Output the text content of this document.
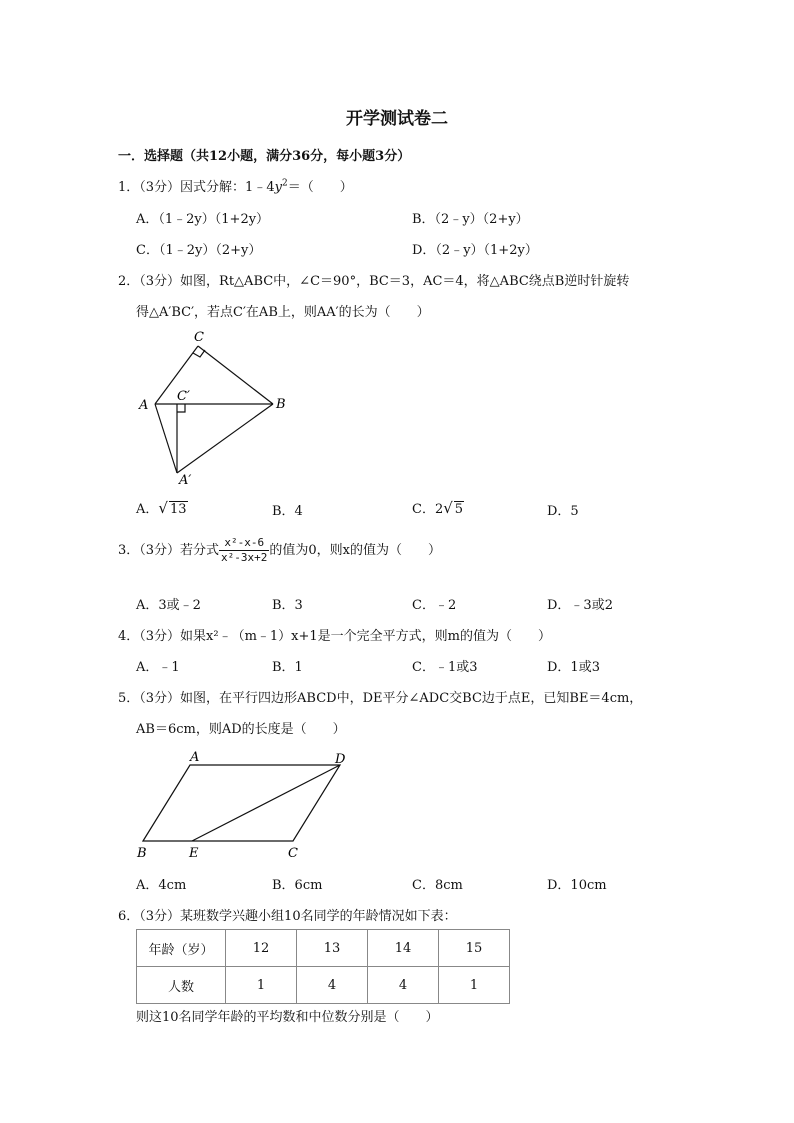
开学测试卷二
一．选择题（共12小题，满分36分，每小题3分）
1．（3分）因式分解：$1﹣4y^2=$（　　）
A．（1﹣2y）（1+2y）	B．（2﹣y）（2+y）
C．（1﹣2y）（2+y）	D．（2﹣y）（1+2y）
2．（3分）如图，Rt△ABC中，∠C＝90°，BC＝3，AC＝4，将△ABC绕点B逆时针旋转
得△A′BC′，若点C′在AB上，则AA′的长为（　　）
C
A	B
C′
A′
A．√ 13	B．4	C．2√ 5	D．5
3．（3分）若分式 $\frac{\text{x²-x-6}}{\text{x²-3x+2}}$ 的值为0，则x的值为（　　）
A．3或﹣2	B．3	C．﹣2	D．﹣3或2
4．（3分）如果x²﹣（m﹣1）x+1是一个完全平方式，则m的值为（　　）
A．﹣1	B．1	C．﹣1或3	D．1或3
5．（3分）如图，在平行四边形ABCD中，DE平分∠ADC交BC边于点E，已知BE＝4cm，
AB＝6cm，则AD的长度是（　　）
A	D
B	E	C
A．4cm	B．6cm	C．8cm	D．10cm
6．（3分）某班数学兴趣小组10名同学的年龄情况如下表：
年龄（岁）	12	13	14	15
人数	1	4	4	1
则这10名同学年龄的平均数和中位数分别是（　　）
